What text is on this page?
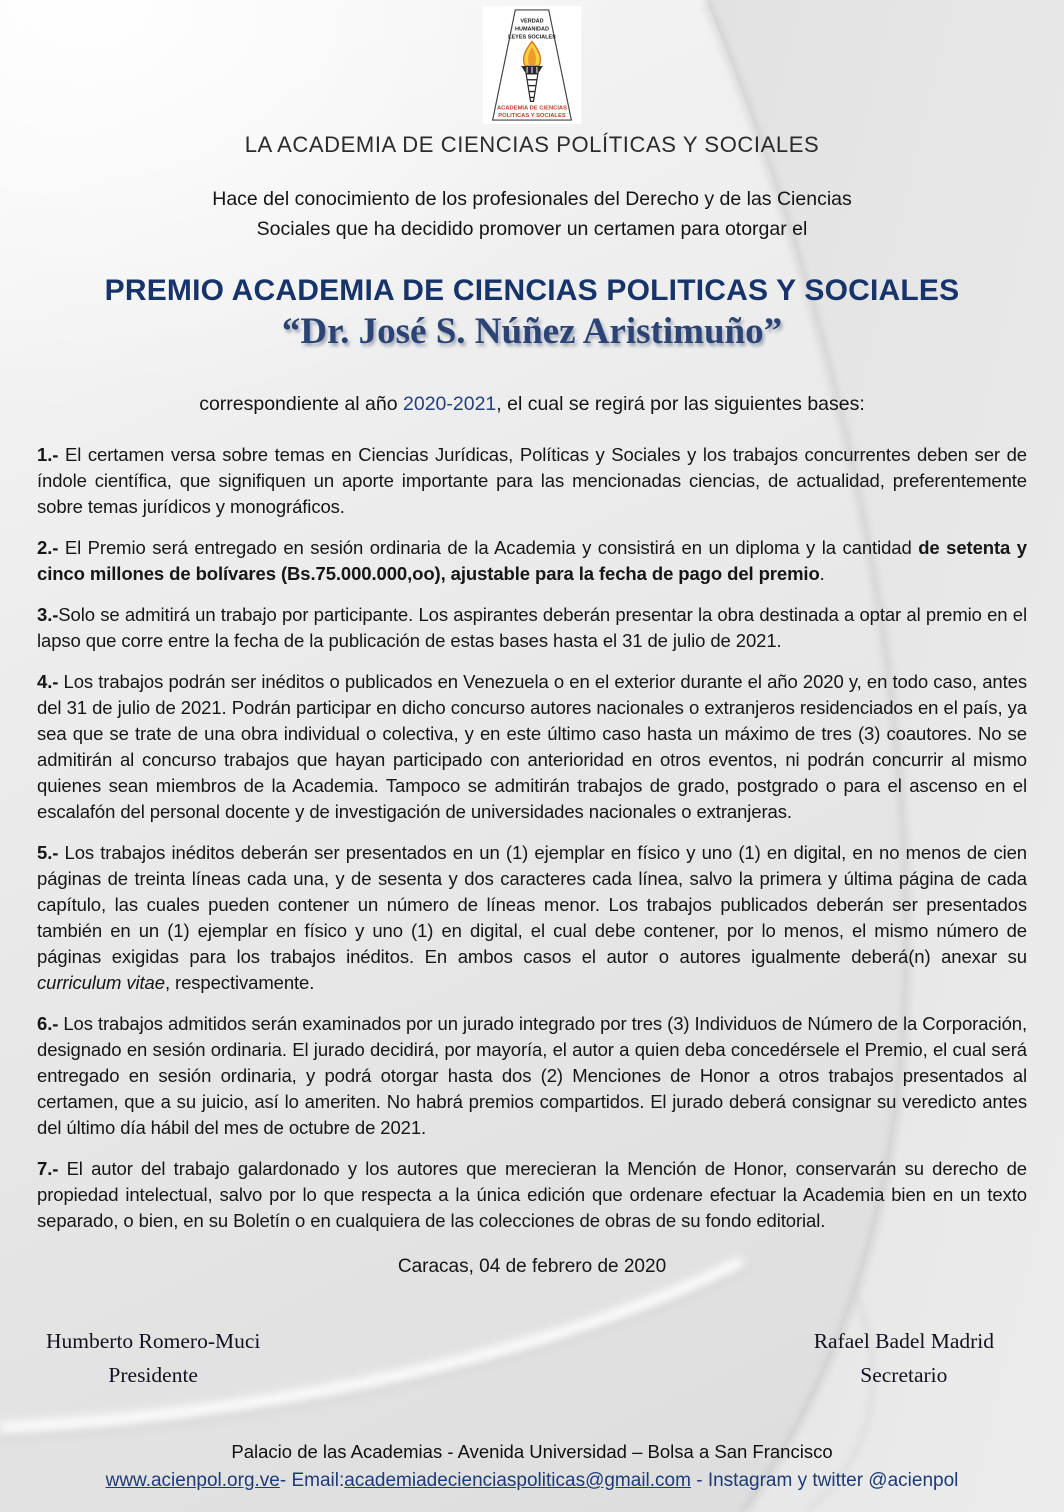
VERDAD
HUMANIDAD
LEYES SOCIALES
ACADEMIA DE CIENCIAS
POLITICAS Y SOCIALES
LA ACADEMIA DE CIENCIAS POLÍTICAS Y SOCIALES
Hace del conocimiento de los profesionales del Derecho y de las Ciencias
Sociales que ha decidido promover un certamen para otorgar el
PREMIO ACADEMIA DE CIENCIAS POLITICAS Y SOCIALES
“Dr. José S. Núñez Aristimuño”

correspondiente al año 2020-2021, el cual se regirá por las siguientes bases:

1.- El certamen versa sobre temas en Ciencias Jurídicas, Políticas y Sociales y los trabajos concurrentes deben ser de índole científica, que signifiquen un aporte importante para las mencionadas ciencias, de actualidad, preferentemente sobre temas jurídicos y monográficos.

2.- El Premio será entregado en sesión ordinaria de la Academia y consistirá en un diploma y la cantidad de setenta y cinco millones de bolívares (Bs.75.000.000,oo), ajustable para la fecha de pago del premio.

3.-Solo se admitirá un trabajo por participante. Los aspirantes deberán presentar la obra destinada a optar al premio en el lapso que corre entre la fecha de la publicación de estas bases hasta el 31 de julio de 2021.

4.- Los trabajos podrán ser inéditos o publicados en Venezuela o en el exterior durante el año 2020 y, en todo caso, antes del 31 de julio de 2021. Podrán participar en dicho concurso autores nacionales o extranjeros residenciados en el país, ya sea que se trate de una obra individual o colectiva, y en este último caso hasta un máximo de tres (3) coautores. No se admitirán al concurso trabajos que hayan participado con anterioridad en otros eventos, ni podrán concurrir al mismo quienes sean miembros de la Academia. Tampoco se admitirán trabajos de grado, postgrado o para el ascenso en el escalafón del personal docente y de investigación de universidades nacionales o extranjeras.

5.- Los trabajos inéditos deberán ser presentados en un (1) ejemplar en físico y uno (1) en digital, en no menos de cien páginas de treinta líneas cada una, y de sesenta y dos caracteres cada línea, salvo la primera y última página de cada capítulo, las cuales pueden contener un número de líneas menor. Los trabajos publicados deberán ser presentados también en un (1) ejemplar en físico y uno (1) en digital, el cual debe contener, por lo menos, el mismo número de páginas exigidas para los trabajos inéditos. En ambos casos el autor o autores igualmente deberá(n) anexar su curriculum vitae, respectivamente.

6.- Los trabajos admitidos serán examinados por un jurado integrado por tres (3) Individuos de Número de la Corporación, designado en sesión ordinaria. El jurado decidirá, por mayoría, el autor a quien deba concedérsele el Premio, el cual será entregado en sesión ordinaria, y podrá otorgar hasta dos (2) Menciones de Honor a otros trabajos presentados al certamen, que a su juicio, así lo ameriten. No habrá premios compartidos. El jurado deberá consignar su veredicto antes del último día hábil del mes de octubre de 2021.

7.- El autor del trabajo galardonado y los autores que merecieran la Mención de Honor, conservarán su derecho de propiedad intelectual, salvo por lo que respecta a la única edición que ordenare efectuar la Academia bien en un texto separado, o bien, en su Boletín o en cualquiera de las colecciones de obras de su fondo editorial.

Caracas, 04 de febrero de 2020

Humberto Romero-Muci
Presidente
Rafael Badel Madrid
Secretario
Palacio de las Academias - Avenida Universidad – Bolsa a San Francisco
www.acienpol.org.ve- Email:academiadecienciaspoliticas@gmail.com - Instagram y twitter @acienpol
